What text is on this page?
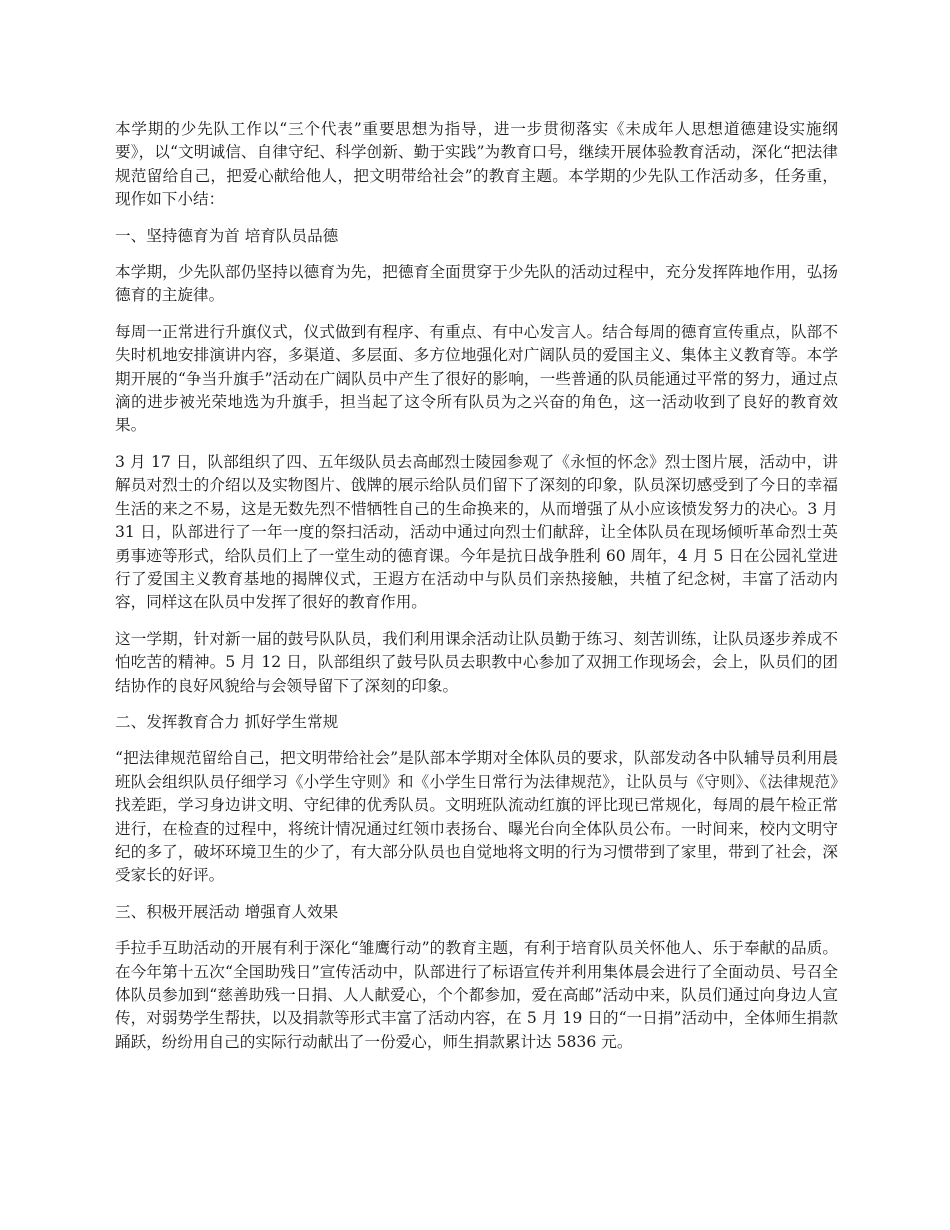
本学期的少先队工作以“三个代表”重要思想为指导，进一步贯彻落实《未成年人思想道德建设实施纲要》，以“文明诚信、自律守纪、科学创新、勤于实践”为教育口号，继续开展体验教育活动，深化“把法律规范留给自己，把爱心献给他人，把文明带给社会”的教育主题。本学期的少先队工作活动多，任务重，现作如下小结：

一、坚持德育为首 培育队员品德

本学期，少先队部仍坚持以德育为先，把德育全面贯穿于少先队的活动过程中，充分发挥阵地作用，弘扬德育的主旋律。

每周一正常进行升旗仪式，仪式做到有程序、有重点、有中心发言人。结合每周的德育宣传重点，队部不失时机地安排演讲内容，多渠道、多层面、多方位地强化对广阔队员的爱国主义、集体主义教育等。本学期开展的“争当升旗手”活动在广阔队员中产生了很好的影响，一些普通的队员能通过平常的努力，通过点滴的进步被光荣地选为升旗手，担当起了这令所有队员为之兴奋的角色，这一活动收到了良好的教育效果。

3 月 17 日，队部组织了四、五年级队员去高邮烈士陵园参观了《永恒的怀念》烈士图片展，活动中，讲解员对烈士的介绍以及实物图片、戗牌的展示给队员们留下了深刻的印象，队员深切感受到了今日的幸福生活的来之不易，这是无数先烈不惜牺牲自己的生命换来的，从而增强了从小应该愤发努力的决心。3 月 31 日，队部进行了一年一度的祭扫活动，活动中通过向烈士们献辞，让全体队员在现场倾听革命烈士英勇事迹等形式，给队员们上了一堂生动的德育课。今年是抗日战争胜利 60 周年，4 月 5 日在公园礼堂进行了爱国主义教育基地的揭牌仪式，王遐方在活动中与队员们亲热接触，共植了纪念树，丰富了活动内容，同样这在队员中发挥了很好的教育作用。

这一学期，针对新一届的鼓号队队员，我们利用课余活动让队员勤于练习、刻苦训练，让队员逐步养成不怕吃苦的精神。5 月 12 日，队部组织了鼓号队员去职教中心参加了双拥工作现场会，会上，队员们的团结协作的良好风貌给与会领导留下了深刻的印象。

二、发挥教育合力 抓好学生常规

“把法律规范留给自己，把文明带给社会”是队部本学期对全体队员的要求，队部发动各中队辅导员利用晨班队会组织队员仔细学习《小学生守则》和《小学生日常行为法律规范》，让队员与《守则》、《法律规范》找差距，学习身边讲文明、守纪律的优秀队员。文明班队流动红旗的评比现已常规化，每周的晨午检正常进行，在检查的过程中，将统计情况通过红领巾表扬台、曝光台向全体队员公布。一时间来，校内文明守纪的多了，破坏环境卫生的少了，有大部分队员也自觉地将文明的行为习惯带到了家里，带到了社会，深受家长的好评。

三、积极开展活动 增强育人效果

手拉手互助活动的开展有利于深化“雏鹰行动”的教育主题，有利于培育队员关怀他人、乐于奉献的品质。在今年第十五次“全国助残日”宣传活动中，队部进行了标语宣传并利用集体晨会进行了全面动员、号召全体队员参加到“慈善助残一日捐、人人献爱心，个个都参加，爱在高邮”活动中来，队员们通过向身边人宣传，对弱势学生帮扶，以及捐款等形式丰富了活动内容，在 5 月 19 日的“一日捐”活动中，全体师生捐款踊跃，纷纷用自己的实际行动献出了一份爱心，师生捐款累计达 5836 元。
